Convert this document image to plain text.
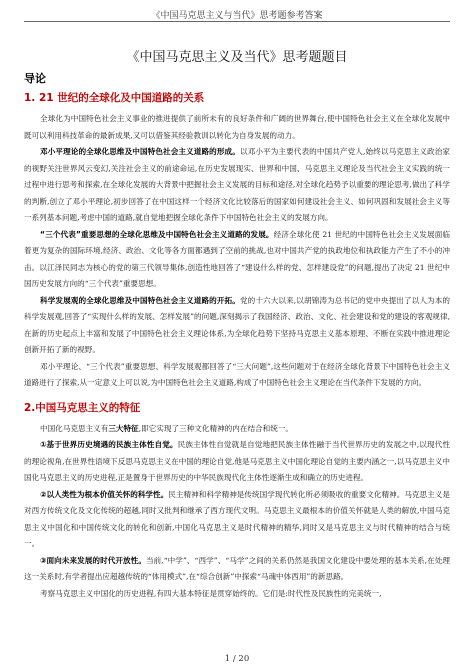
《中国马克思主义与当代》思考题参考答案
《中国马克思主义及当代》思考题题目
导论
1. 21 世纪的全球化及中国道路的关系

全球化为中国特色社会主义事业的推进提供了前所未有的良好条件和广阔的世界舞台,使中国特色社会主义在全球化发展中既可以利用科技革命的最新成果,又可以借鉴其经验教训以转化为自身发展的动力。

邓小平理论的全球化思维及中国特色社会主义道路的形成。以邓小平为主要代表的中国共产党人,始终以马克思主义政治家的视野关注世界风云变幻,关注社会主义的前途命运,在历史发展现实、世界和中国、马克思主义理论及当代社会主义实践的统一过程中进行思考和探索,在全球化发展的大背景中把握社会主义发展的目标和途径,对全球化趋势予以重要的理论思考,做出了科学的判断,创立了邓小平理论,初步回答了在中国这样一个经济文化比较落后的国家如何建设社会主义、如何巩固和发展社会主义等一系列基本问题,考虑中国的道路,就自觉地把握全球化条件下中国特色社会主义的发展方向。

“三个代表”重要思想的全球化思维及中国特色社会主义道路的发展。经济全球化使 21 世纪的中国特色社会主义发展面临着更为复杂的国际环境,经济、政治、文化等各方面都遇到了空前的挑战,也对中国共产党的执政地位和执政能力产生了不小的冲击。以江泽民同志为核心的党的第三代领导集体,创造性地回答了“建设什么样的党、怎样建设党”的问题,提出了决定 21 世纪中国历史发展方向的“三个代表”重要思想。

科学发展观的全球化思维及中国特色社会主义道路的开拓。党的十六大以来,以胡锦涛为总书记的党中央提出了以人为本的科学发展观,回答了“实现什么样的发展、怎样发展”的问题,深刻揭示了我国经济、政治、文化、社会建设和党的建设的客观规律,在新的历史起点上丰富和发展了中国特色社会主义理论体系,为全球化趋势下坚持马克思主义基本原理、不断在实践中推进理论创新开拓了新的视野。

邓小平理论、“三个代表”重要思想、科学发展观都回答了“三大问题”,这些问题对于在经济全球化背景下中国特色社会主义道路进行了探索,从一定意义上可以说,为中国特色社会主义道路,构成了中国特色社会主义理论在当代条件下发展的方向。

2.中国马克思主义的特征

中国化马克思主义有三大特征,即它实现了三种文化精神的内在结合和统一。

①基于世界历史境遇的民族主体性自觉。民族主体性自觉就是自觉地把民族主体性融于当代世界历史的发展之中,以现代性的理论视角,在世界性语境下反思马克思主义在中国的理论自觉,他是马克思主义中国化理论自觉的主要内涵之一,以马克思主义中国化马克思主义的历史进程,正是置身于世界历史的中华民族现代化主体性逐渐生成和确立的历史进程。

②以人类性为根本价值关怀的科学性。民主精神和科学精神是传统国学现代转化所必须吸收的重要文化精神。马克思主义是对西方传统文化及文化传统的超越,同时又批判和继承了西方现代文明。马克思主义最根本的价值关怀就是人类的解放,中国马克思主义中国化和中国传统文化的转化和创新,中国化马克思主义是时代精神的精华,同时又是马克思主义与时代精神的结合与统一。

③面向未来发展的时代开放性。当前,“中学”、“西学”、“马学”之间的关系仍然是我国文化建设中要处理的基本关系,在处理这一关系时,有学者提出应超越传统的“体用模式”,在“综合创新”中探索“马魂中体西用”的新思路。

考察马克思主义中国化的历史进程,有四大基本特征是贯穿始终的。它们是:时代性及民族性的完美统一,

1 / 20
